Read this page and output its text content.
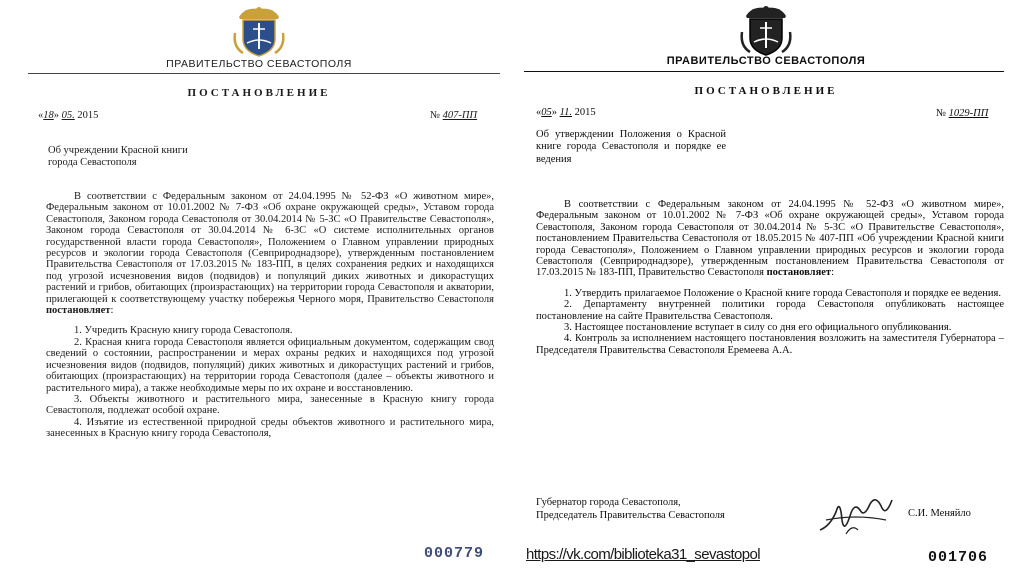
ПРАВИТЕЛЬСТВО СЕВАСТОПОЛЯ
ПОСТАНОВЛЕНИЕ
«18» 05. 2015	№ 407-ПП
Об учреждении Красной книги
города Севастополя

В соответствии с Федеральным законом от 24.04.1995 № 52-ФЗ «О животном мире», Федеральным законом от 10.01.2002 № 7-ФЗ «Об охране окружающей среды», Уставом города Севастополя, Законом города Севастополя от 30.04.2014 № 5-ЗС «О Правительстве Севастополя», Законом города Севастополя от 30.04.2014 № 6-ЗС «О системе исполнительных органов государственной власти города Севастополя», Положением о Главном управлении природных ресурсов и экологии города Севастополя (Севприроднадзоре), утвержденным постановлением Правительства Севастополя от 17.03.2015 № 183-ПП, в целях сохранения редких и находящихся под угрозой исчезновения видов (подвидов) и популяций диких животных и дикорастущих растений и грибов, обитающих (произрастающих) на территории города Севастополя и акватории, прилегающей к соответствующему участку побережья Черного моря, Правительство Севастополя постановляет:

1. Учредить Красную книгу города Севастополя.

2. Красная книга города Севастополя является официальным документом, содержащим свод сведений о состоянии, распространении и мерах охраны редких и находящихся под угрозой исчезновения видов (подвидов, популяций) диких животных и дикорастущих растений и грибов, обитающих (произрастающих) на территории города Севастополя (далее – объекты животного и растительного мира), а также необходимые меры по их охране и восстановлению.

3. Объекты животного и растительного мира, занесенные в Красную книгу города Севастополя, подлежат особой охране.

4. Изъятие из естественной природной среды объектов животного и растительного мира, занесенных в Красную книгу города Севастополя,

000779
ПРАВИТЕЛЬСТВО СЕВАСТОПОЛЯ
ПОСТАНОВЛЕНИЕ
«05» 11. 2015	№ 1029-ПП
Об утверждении Положения о Красной книге города Севастополя и порядке ее ведения

В соответствии с Федеральным законом от 24.04.1995 № 52-ФЗ «О животном мире», Федеральным законом от 10.01.2002 № 7-ФЗ «Об охране окружающей среды», Уставом города Севастополя, Законом города Севастополя от 30.04.2014 № 5-ЗС «О Правительстве Севастополя», постановлением Правительства Севастополя от 18.05.2015 № 407-ПП «Об учреждении Красной книги города Севастополя», Положением о Главном управлении природных ресурсов и экологии города Севастополя (Севприроднадзоре), утвержденным постановлением Правительства Севастополя от 17.03.2015 № 183-ПП, Правительство Севастополя постановляет:

1. Утвердить прилагаемое Положение о Красной книге города Севастополя и порядке ее ведения.

2. Департаменту внутренней политики города Севастополя опубликовать настоящее постановление на сайте Правительства Севастополя.

3. Настоящее постановление вступает в силу со дня его официального опубликования.

4. Контроль за исполнением настоящего постановления возложить на заместителя Губернатора – Председателя Правительства Севастополя Еремеева А.А.

Губернатор города Севастополя,
Председатель Правительства Севастополя	С.И. Меняйло
001706
https://vk.com/biblioteka31_sevastopol
